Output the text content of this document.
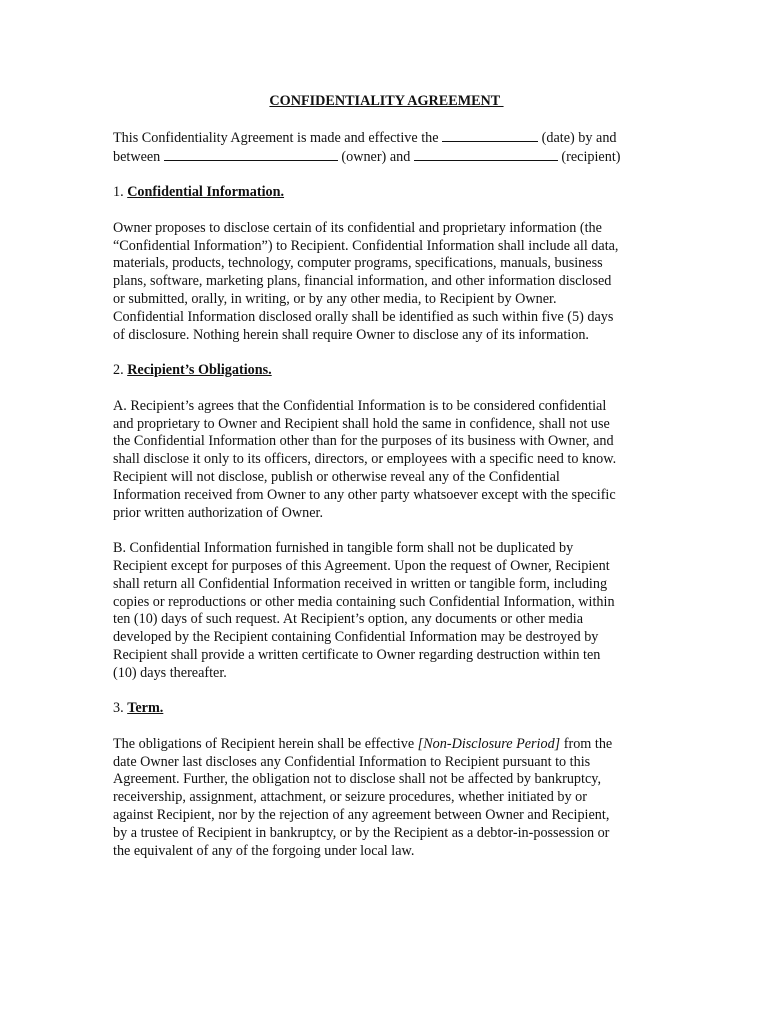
CONFIDENTIALITY AGREEMENT

This Confidentiality Agreement is made and effective the	(date) by and
between	(owner) and	(recipient)

1. Confidential Information.

Owner proposes to disclose certain of its confidential and proprietary information (the
“Confidential Information”) to Recipient. Confidential Information shall include all data,
materials, products, technology, computer programs, specifications, manuals, business
plans, software, marketing plans, financial information, and other information disclosed
or submitted, orally, in writing, or by any other media, to Recipient by Owner.
Confidential Information disclosed orally shall be identified as such within five (5) days
of disclosure. Nothing herein shall require Owner to disclose any of its information.

2. Recipient’s Obligations.

A. Recipient’s agrees that the Confidential Information is to be considered confidential
and proprietary to Owner and Recipient shall hold the same in confidence, shall not use
the Confidential Information other than for the purposes of its business with Owner, and
shall disclose it only to its officers, directors, or employees with a specific need to know.
Recipient will not disclose, publish or otherwise reveal any of the Confidential
Information received from Owner to any other party whatsoever except with the specific
prior written authorization of Owner.

B. Confidential Information furnished in tangible form shall not be duplicated by
Recipient except for purposes of this Agreement. Upon the request of Owner, Recipient
shall return all Confidential Information received in written or tangible form, including
copies or reproductions or other media containing such Confidential Information, within
ten (10) days of such request. At Recipient’s option, any documents or other media
developed by the Recipient containing Confidential Information may be destroyed by
Recipient shall provide a written certificate to Owner regarding destruction within ten
(10) days thereafter.

3. Term.

The obligations of Recipient herein shall be effective [Non-Disclosure Period] from the
date Owner last discloses any Confidential Information to Recipient pursuant to this
Agreement. Further, the obligation not to disclose shall not be affected by bankruptcy,
receivership, assignment, attachment, or seizure procedures, whether initiated by or
against Recipient, nor by the rejection of any agreement between Owner and Recipient,
by a trustee of Recipient in bankruptcy, or by the Recipient as a debtor-in-possession or
the equivalent of any of the forgoing under local law.
